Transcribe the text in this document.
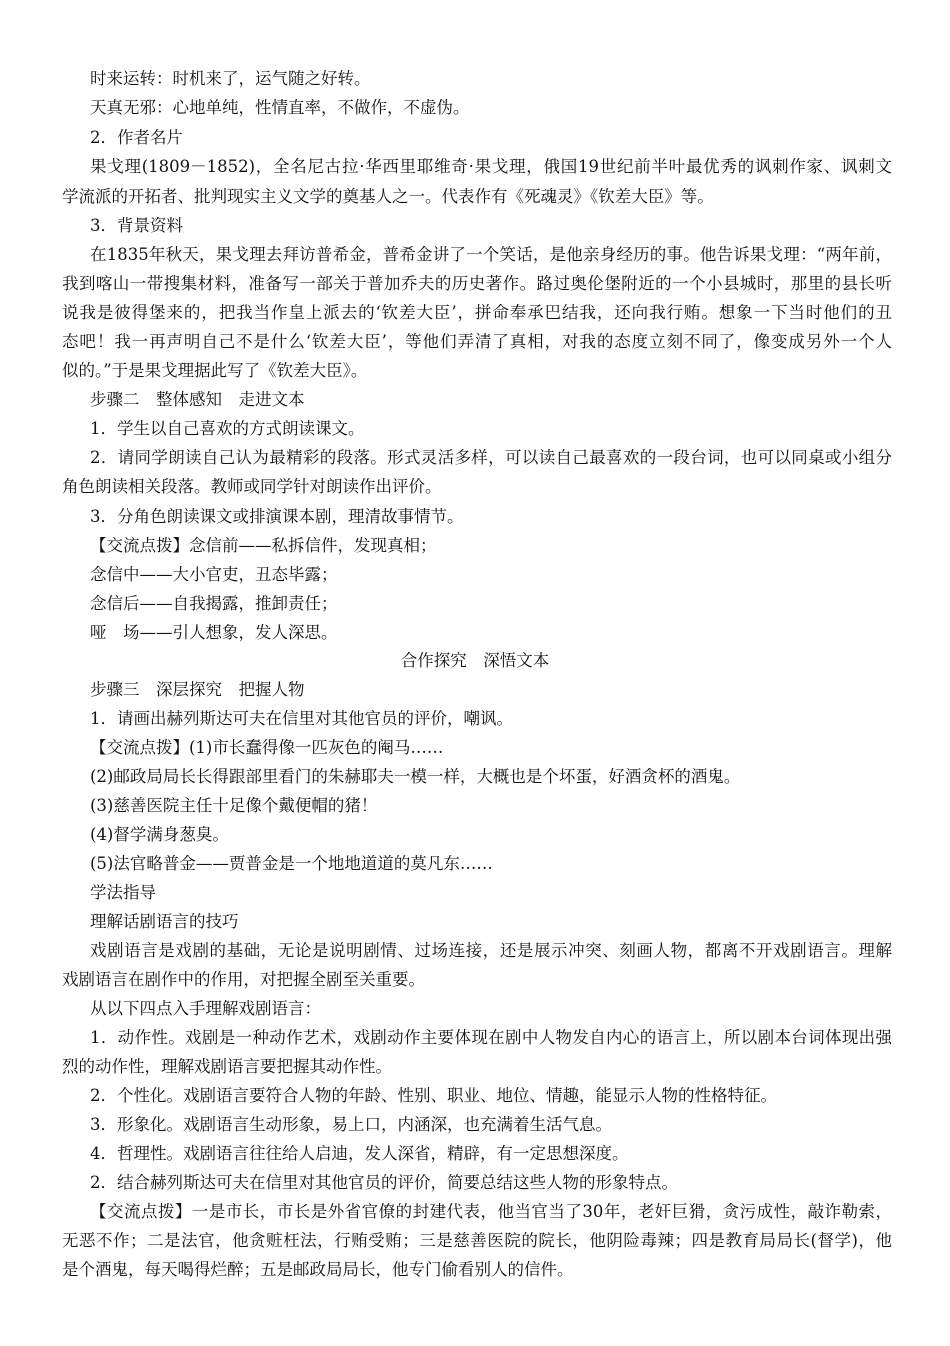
时来运转：时机来了，运气随之好转。
天真无邪：心地单纯，性情直率，不做作，不虚伪。
2．作者名片
果戈理(1809－1852)，全名尼古拉·华西里耶维奇·果戈理，俄国19世纪前半叶最优秀的讽刺作家、讽刺文
学流派的开拓者、批判现实主义文学的奠基人之一。代表作有《死魂灵》《钦差大臣》等。
3．背景资料
在1835年秋天，果戈理去拜访普希金，普希金讲了一个笑话，是他亲身经历的事。他告诉果戈理：“两年前，
我到喀山一带搜集材料，准备写一部关于普加乔夫的历史著作。路过奥伦堡附近的一个小县城时，那里的县长听
说我是彼得堡来的，把我当作皇上派去的‘钦差大臣’，拼命奉承巴结我，还向我行贿。想象一下当时他们的丑
态吧！我一再声明自己不是什么‘钦差大臣’，等他们弄清了真相，对我的态度立刻不同了，像变成另外一个人
似的。”于是果戈理据此写了《钦差大臣》。
步骤二　整体感知　走进文本
1．学生以自己喜欢的方式朗读课文。
2．请同学朗读自己认为最精彩的段落。形式灵活多样，可以读自己最喜欢的一段台词，也可以同桌或小组分
角色朗读相关段落。教师或同学针对朗读作出评价。
3．分角色朗读课文或排演课本剧，理清故事情节。
【交流点拨】念信前——私拆信件，发现真相；
念信中——大小官吏，丑态毕露；
念信后——自我揭露，推卸责任；
哑　场——引人想象，发人深思。
合作探究　深悟文本
步骤三　深层探究　把握人物
1．请画出赫列斯达可夫在信里对其他官员的评价，嘲讽。
【交流点拨】(1)市长蠢得像一匹灰色的阉马……
(2)邮政局局长长得跟部里看门的朱赫耶夫一模一样，大概也是个坏蛋，好酒贪杯的酒鬼。
(3)慈善医院主任十足像个戴便帽的猪！
(4)督学满身葱臭。
(5)法官略普金——贾普金是一个地地道道的莫凡东……
学法指导
理解话剧语言的技巧
戏剧语言是戏剧的基础，无论是说明剧情、过场连接，还是展示冲突、刻画人物，都离不开戏剧语言。理解
戏剧语言在剧作中的作用，对把握全剧至关重要。
从以下四点入手理解戏剧语言：
1．动作性。戏剧是一种动作艺术，戏剧动作主要体现在剧中人物发自内心的语言上，所以剧本台词体现出强
烈的动作性，理解戏剧语言要把握其动作性。
2．个性化。戏剧语言要符合人物的年龄、性别、职业、地位、情趣，能显示人物的性格特征。
3．形象化。戏剧语言生动形象，易上口，内涵深，也充满着生活气息。
4．哲理性。戏剧语言往往给人启迪，发人深省，精辟，有一定思想深度。
2．结合赫列斯达可夫在信里对其他官员的评价，简要总结这些人物的形象特点。
【交流点拨】一是市长，市长是外省官僚的封建代表，他当官当了30年，老奸巨猾，贪污成性，敲诈勒索，
无恶不作；二是法官，他贪赃枉法，行贿受贿；三是慈善医院的院长，他阴险毒辣；四是教育局局长(督学)，他
是个酒鬼，每天喝得烂醉；五是邮政局局长，他专门偷看别人的信件。
